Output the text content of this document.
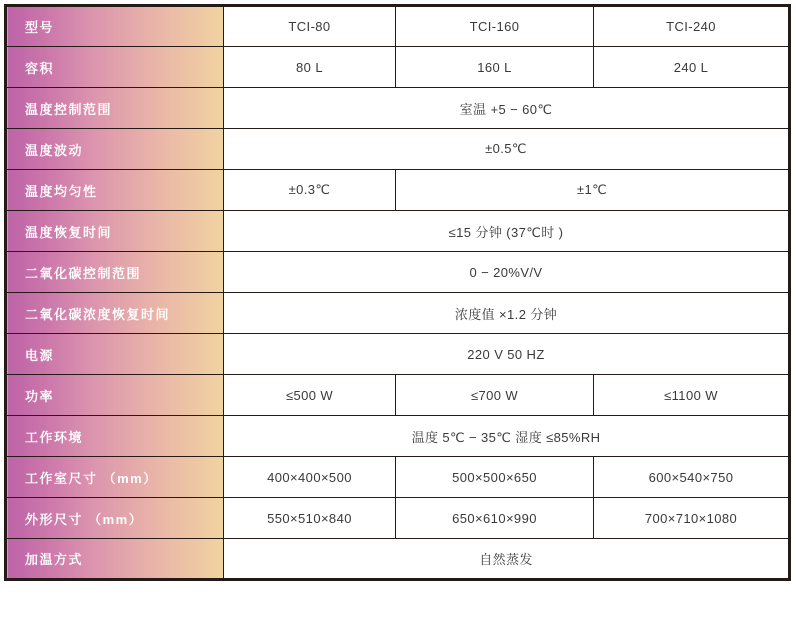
型号	TCI-80	TCI-160	TCI-240
容积	80 L	160 L	240 L
温度控制范围	室温 +5 − 60℃		
温度波动	±0.5℃		
温度均匀性	±0.3℃	±1℃	
温度恢复时间	≤15 分钟 (37℃时 )		
二氧化碳控制范围	0 − 20%V/V		
二氧化碳浓度恢复时间	浓度值 ×1.2 分钟		
电源	220 V 50 HZ		
功率	≤500 W	≤700 W	≤1100 W
工作环境	温度 5℃ − 35℃ 湿度 ≤85%RH		
工作室尺寸 （mm）	400×400×500	500×500×650	600×540×750
外形尺寸 （mm）	550×510×840	650×610×990	700×710×1080
加温方式	自然蒸发		
